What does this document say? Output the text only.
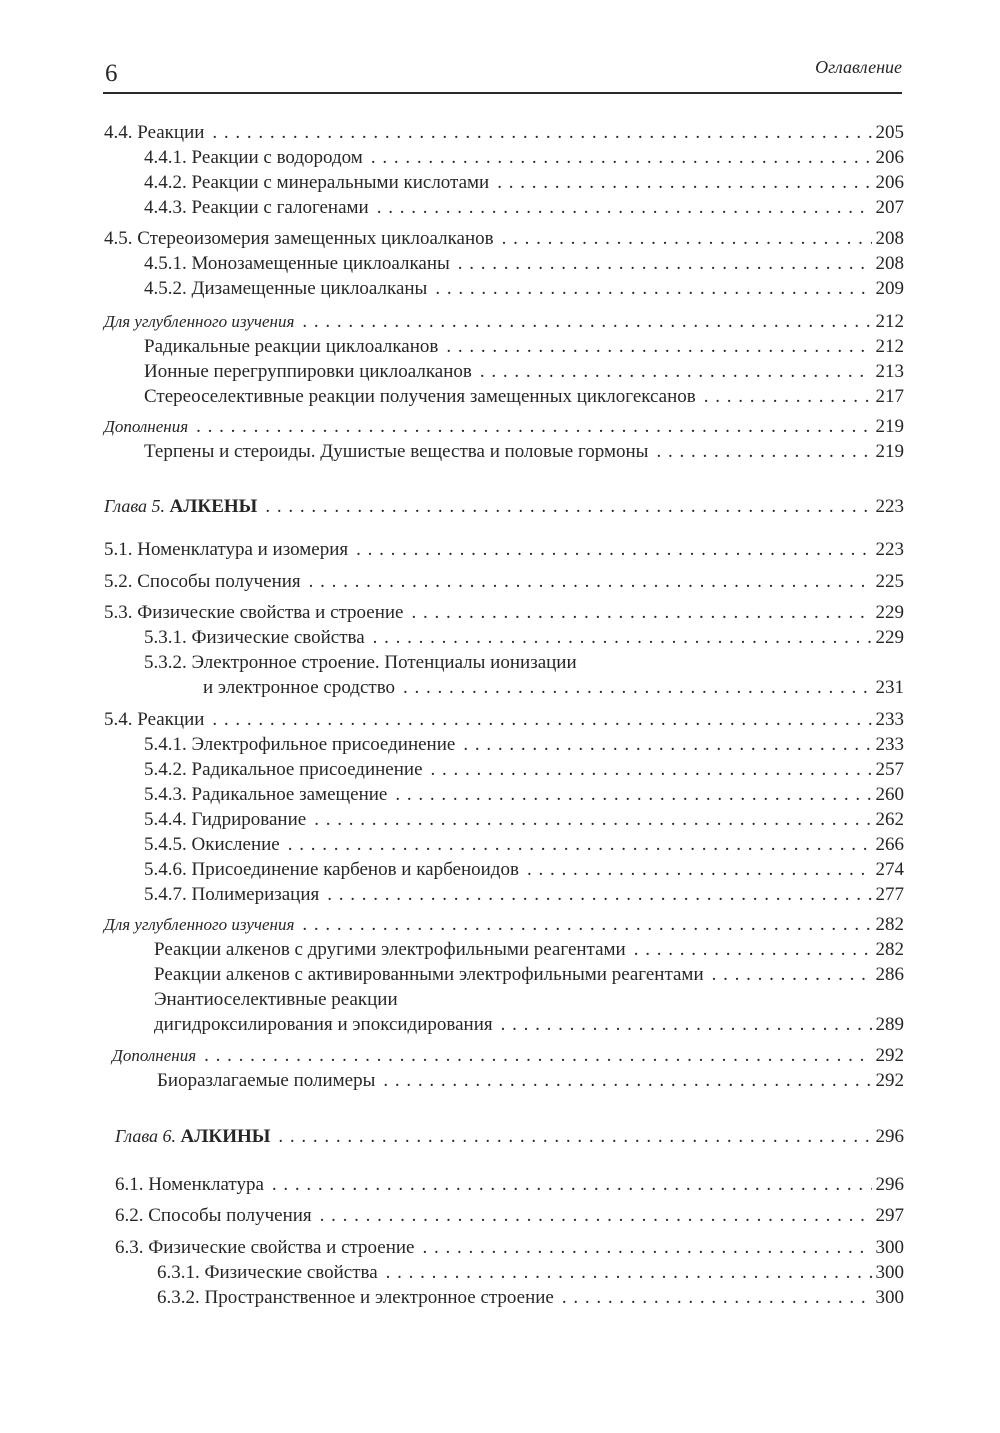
6	Оглавление
4.4. Реакции . . .	205
4.4.1. Реакции с водородом . . .	206
4.4.2. Реакции с минеральными кислотами . . .	206
4.4.3. Реакции с галогенами . . .	207
4.5. Стереоизомерия замещенных циклоалканов . . .	208
4.5.1. Монозамещенные циклоалканы . . .	208
4.5.2. Дизамещенные циклоалканы . . .	209
Для углубленного изучения . . .	212
Радикальные реакции циклоалканов . . .	212
Ионные перегруппировки циклоалканов . . .	213
Стереоселективные реакции получения замещенных циклогексанов . . .	217
Дополнения . . .	219
Терпены и стероиды. Душистые вещества и половые гормоны . . .	219
Глава 5. АЛКЕНЫ . . .	223
5.1. Номенклатура и изомерия . . .	223
5.2. Способы получения . . .	225
5.3. Физические свойства и строение . . .	229
5.3.1. Физические свойства . . .	229
5.3.2. Электронное строение. Потенциалы ионизации
и электронное сродство . . .	231
5.4. Реакции . . .	233
5.4.1. Электрофильное присоединение . . .	233
5.4.2. Радикальное присоединение . . .	257
5.4.3. Радикальное замещение . . .	260
5.4.4. Гидрирование . . .	262
5.4.5. Окисление . . .	266
5.4.6. Присоединение карбенов и карбеноидов . . .	274
5.4.7. Полимеризация . . .	277
Для углубленного изучения . . .	282
Реакции алкенов с другими электрофильными реагентами . . .	282
Реакции алкенов с активированными электрофильными реагентами . . .	286
Энантиоселективные реакции
дигидроксилирования и эпоксидирования . . .	289
Дополнения . . .	292
Биоразлагаемые полимеры . . .	292
Глава 6. АЛКИНЫ . . .	296
6.1. Номенклатура . . .	296
6.2. Способы получения . . .	297
6.3. Физические свойства и строение . . .	300
6.3.1. Физические свойства . . .	300
6.3.2. Пространственное и электронное строение . . .	300
